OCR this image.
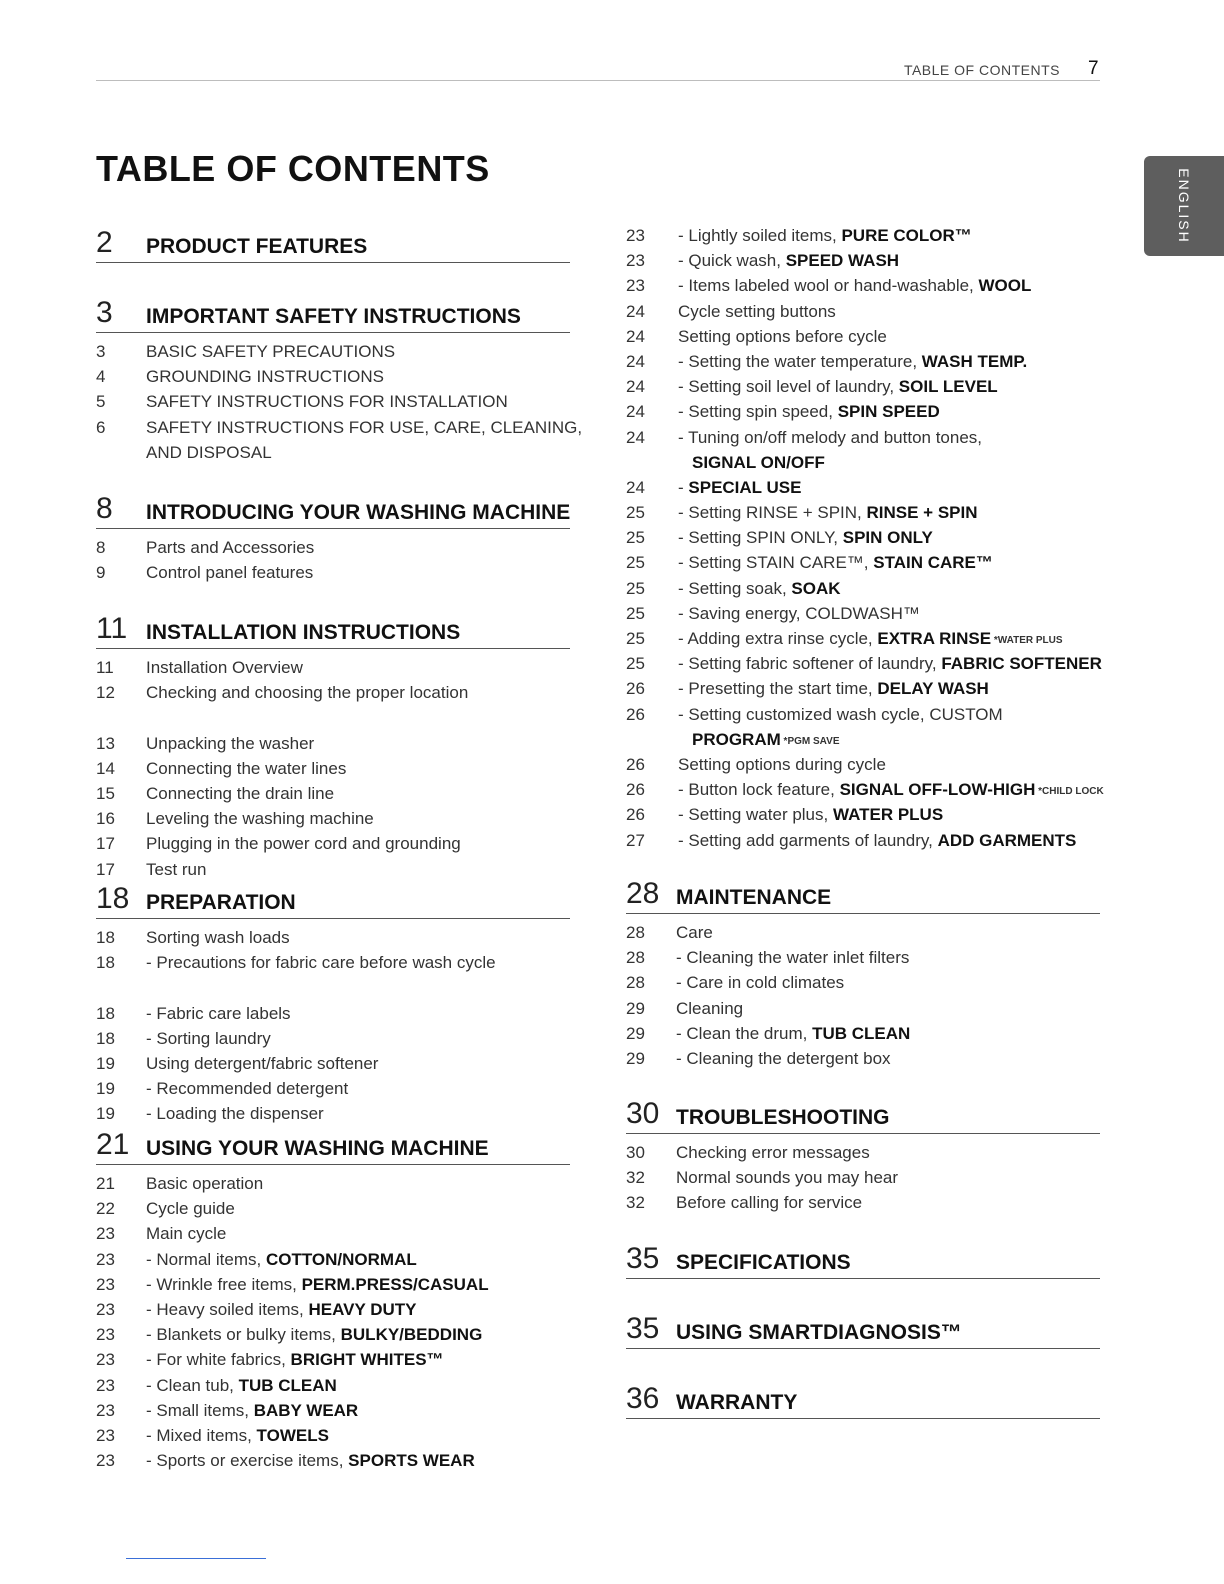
TABLE OF CONTENTS 7
ENGLISH
TABLE OF CONTENTS
2 PRODUCT FEATURES
3 IMPORTANT SAFETY INSTRUCTIONS
3	BASIC SAFETY PRECAUTIONS
4	GROUNDING INSTRUCTIONS
5	SAFETY INSTRUCTIONS FOR INSTALLATION
6	SAFETY INSTRUCTIONS FOR USE, CARE, CLEANING, AND DISPOSAL
8 INTRODUCING YOUR WASHING MACHINE
8	Parts and Accessories
9	Control panel features
11 INSTALLATION INSTRUCTIONS
11	Installation Overview
12	Checking and choosing the proper location
13	Unpacking the washer
14	Connecting the water lines
15	Connecting the drain line
16	Leveling the washing machine
17	Plugging in the power cord and grounding
17	Test run
18 PREPARATION
18	Sorting wash loads
18	- Precautions for fabric care before wash cycle
18	- Fabric care labels
18	- Sorting laundry
19	Using detergent/fabric softener
19	- Recommended detergent
19	- Loading the dispenser
21 USING YOUR WASHING MACHINE
21	Basic operation
22	Cycle guide
23	Main cycle
23	- Normal items, COTTON/NORMAL
23	- Wrinkle free items, PERM.PRESS/CASUAL
23	- Heavy soiled items, HEAVY DUTY
23	- Blankets or bulky items, BULKY/BEDDING
23	- For white fabrics, BRIGHT WHITES™
23	- Clean tub, TUB CLEAN
23	- Small items, BABY WEAR
23	- Mixed items, TOWELS
23	- Sports or exercise items, SPORTS WEAR
28 MAINTENANCE
28	Care
28	- Cleaning the water inlet filters
28	- Care in cold climates
29	Cleaning
29	- Clean the drum, TUB CLEAN
29	- Cleaning the detergent box
30 TROUBLESHOOTING
30	Checking error messages
32	Normal sounds you may hear
32	Before calling for service
35 SPECIFICATIONS
35 USING SMARTDIAGNOSIS™
36 WARRANTY
23	- Lightly soiled items, PURE COLOR™
23	- Quick wash, SPEED WASH
23	- Items labeled wool or hand-washable, WOOL
24	Cycle setting buttons
24	Setting options before cycle
24	- Setting the water temperature, WASH TEMP.
24	- Setting soil level of laundry, SOIL LEVEL
24	- Setting spin speed, SPIN SPEED
24	- Tuning on/off melody and button tones,
SIGNAL ON/OFF
24	- SPECIAL USE
25	- Setting RINSE + SPIN, RINSE + SPIN
25	- Setting SPIN ONLY, SPIN ONLY
25	- Setting STAIN CARE™, STAIN CARE™
25	- Setting soak, SOAK
25	- Saving energy, COLDWASH™
25	- Adding extra rinse cycle, EXTRA RINSE *WATER PLUS
25	- Setting fabric softener of laundry, FABRIC SOFTENER
26	- Presetting the start time, DELAY WASH
26	- Setting customized wash cycle, CUSTOM
PROGRAM *PGM SAVE
26	Setting options during cycle
26	- Button lock feature, SIGNAL OFF-LOW-HIGH *CHILD LOCK
26	- Setting water plus, WATER PLUS
27	- Setting add garments of laundry, ADD GARMENTS
